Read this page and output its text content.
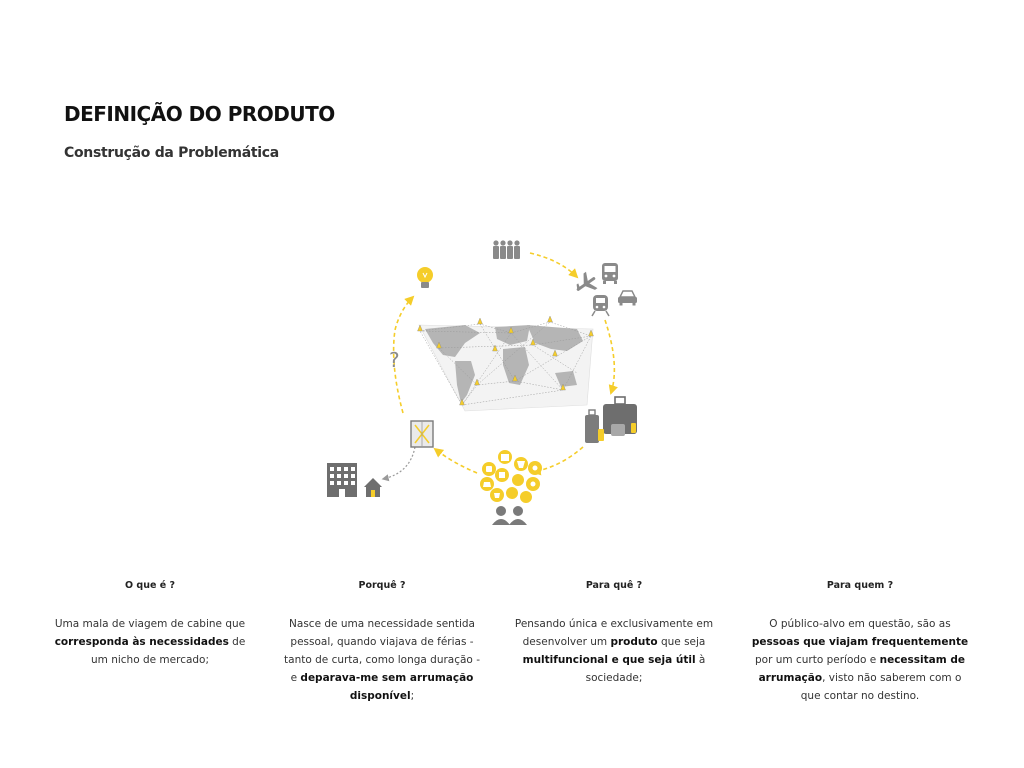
DEFINIÇÃO DO PRODUTO
Construção da Problemática
?
O que é ?

Uma mala de viagem de cabine que corresponda às necessidades de um nicho de mercado;

Porquê ?

Nasce de uma necessidade sentida pessoal, quando viajava de férias - tanto de curta, como longa duração - e deparava-me sem arrumação disponível;

Para quê ?

Pensando única e exclusivamente em desenvolver um produto que seja multifuncional e que seja útil à sociedade;

Para quem ?

O público-alvo em questão, são as pessoas que viajam frequentemente por um curto período e necessitam de arrumação, visto não saberem com o que contar no destino.
